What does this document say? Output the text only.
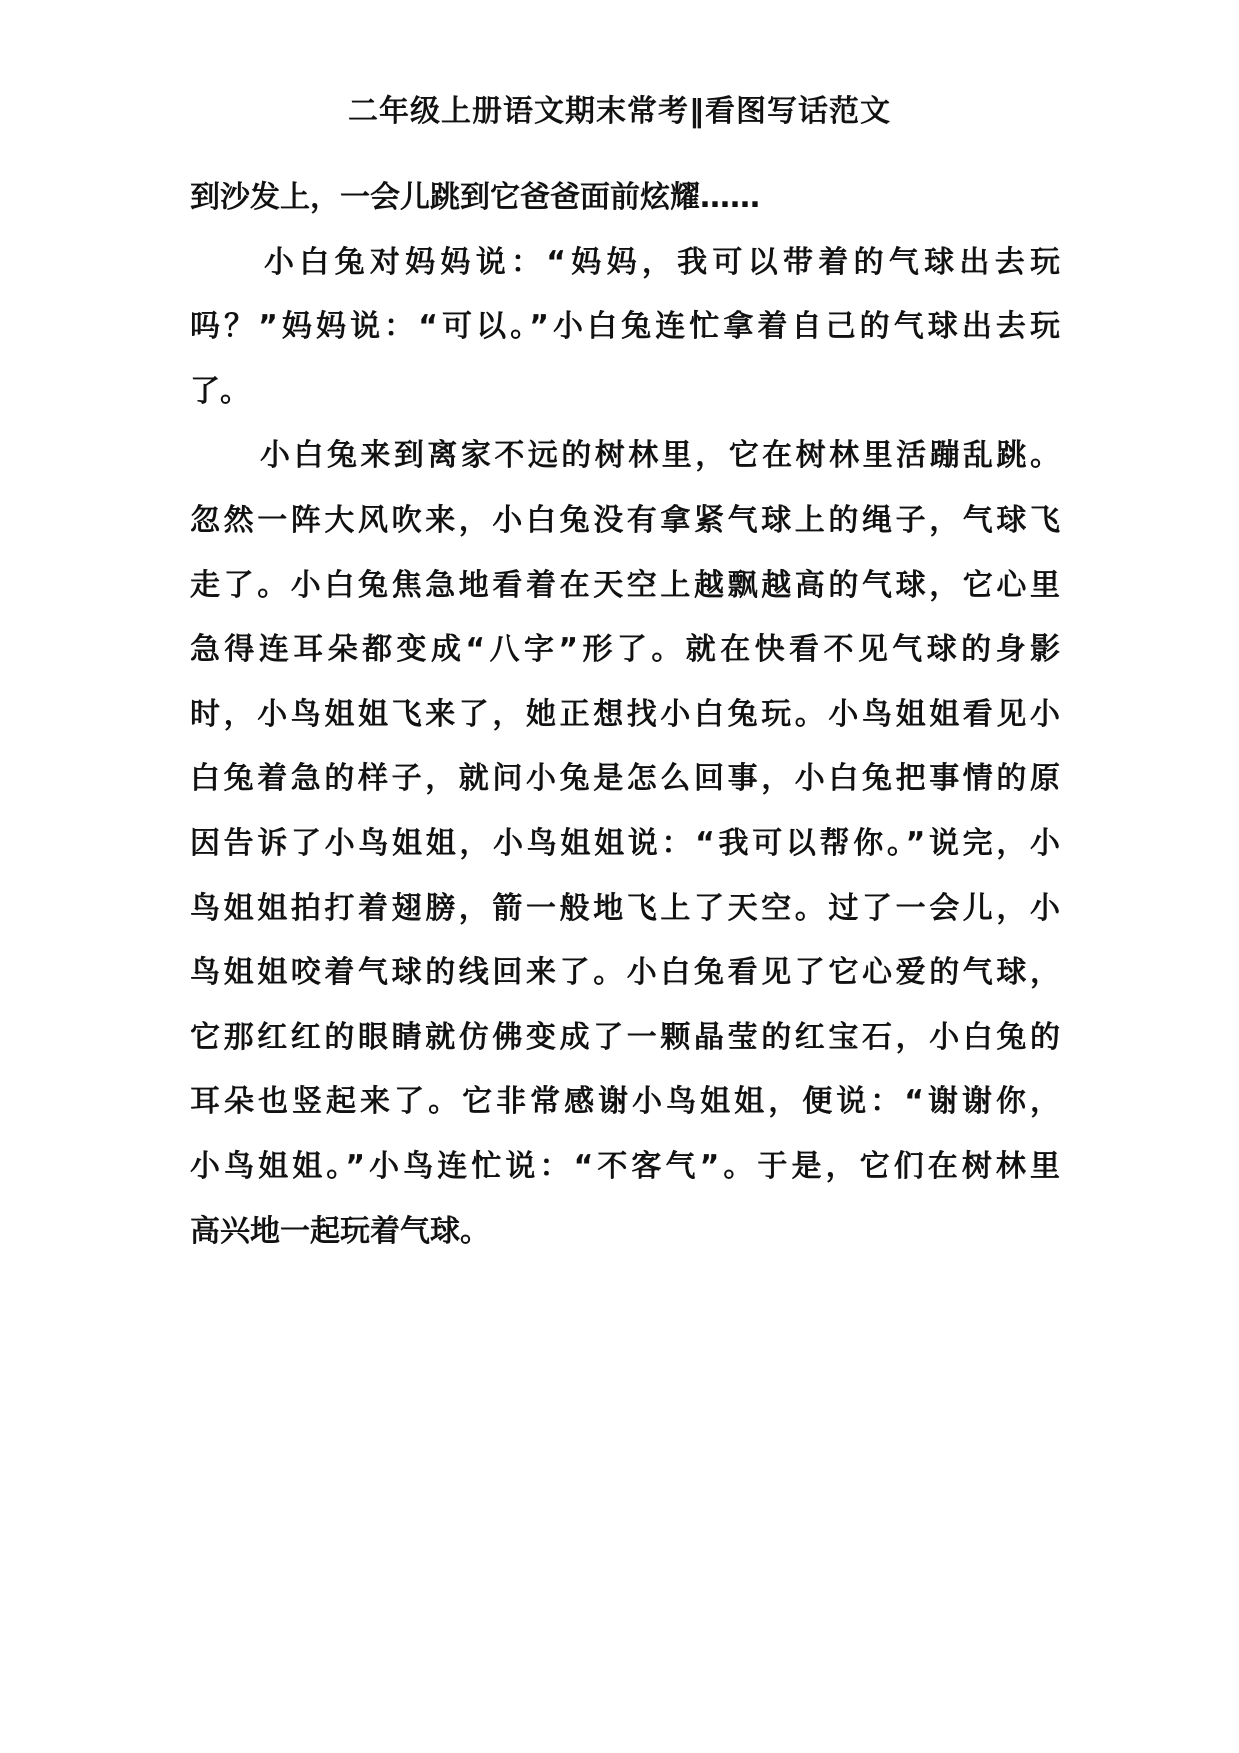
二年级上册语文期末常考‖看图写话范文
到沙发上，一会儿跳到它爸爸面前炫耀……
小白兔对妈妈说：“妈妈，我可以带着的气球出去玩
吗？”妈妈说：“可以。”小白兔连忙拿着自己的气球出去玩
了。
小白兔来到离家不远的树林里，它在树林里活蹦乱跳。
忽然一阵大风吹来，小白兔没有拿紧气球上的绳子，气球飞
走了。小白兔焦急地看着在天空上越飘越高的气球，它心里
急得连耳朵都变成“八字”形了。就在快看不见气球的身影
时，小鸟姐姐飞来了，她正想找小白兔玩。小鸟姐姐看见小
白兔着急的样子，就问小兔是怎么回事，小白兔把事情的原
因告诉了小鸟姐姐，小鸟姐姐说：“我可以帮你。”说完，小
鸟姐姐拍打着翅膀，箭一般地飞上了天空。过了一会儿，小
鸟姐姐咬着气球的线回来了。小白兔看见了它心爱的气球，
它那红红的眼睛就仿佛变成了一颗晶莹的红宝石，小白兔的
耳朵也竖起来了。它非常感谢小鸟姐姐，便说：“谢谢你，
小鸟姐姐。”小鸟连忙说：“不客气”。于是，它们在树林里
高兴地一起玩着气球。
